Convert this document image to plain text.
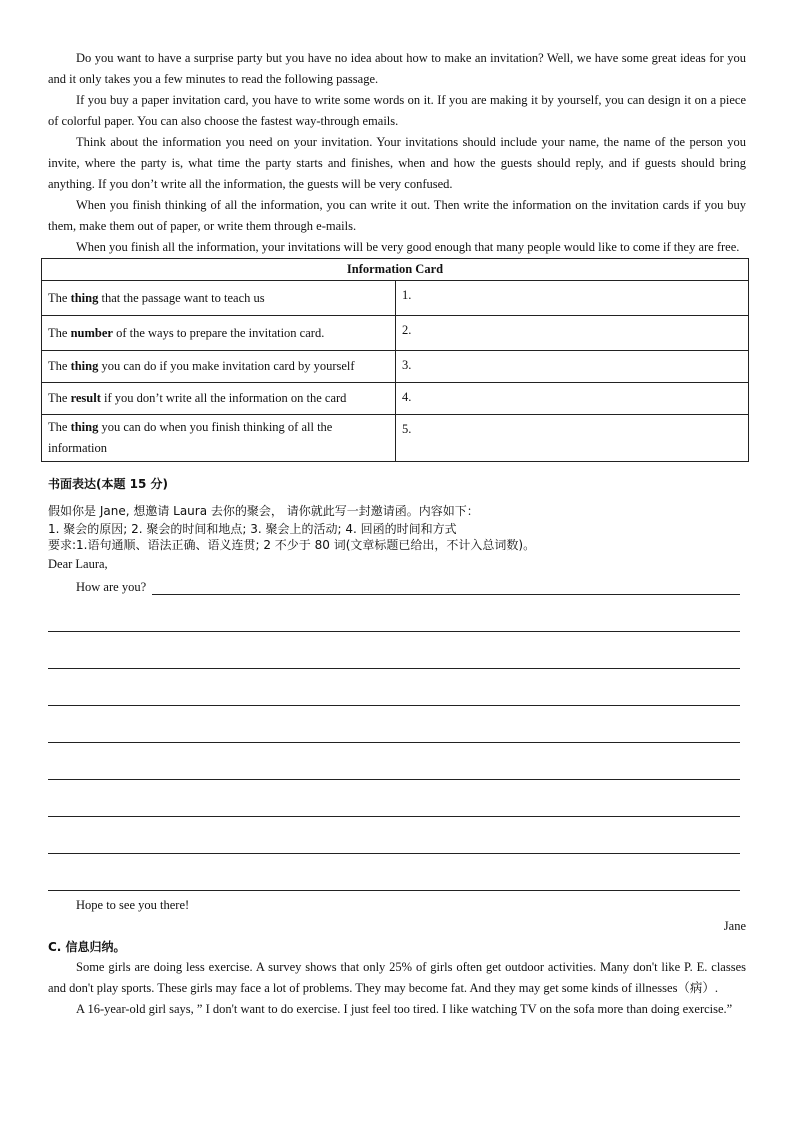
Do you want to have a surprise party but you have no idea about how to make an invitation? Well, we have some great ideas for you and it only takes you a few minutes to read the following passage.

If you buy a paper invitation card, you have to write some words on it. If you are making it by yourself, you can design it on a piece of colorful paper. You can also choose the fastest way-through emails.

Think about the information you need on your invitation. Your invitations should include your name, the name of the person you invite, where the party is, what time the party starts and finishes, when and how the guests should reply, and if guests should bring anything. If you don’t write all the information, the guests will be very confused.

When you finish thinking of all the information, you can write it out. Then write the information on the invitation cards if you buy them, make them out of paper, or write them through e-mails.

When you finish all the information, your invitations will be very good enough that many people would like to come if they are free.

Information Card	
The thing that the passage want to teach us	1.
The number of the ways to prepare the invitation card.	2.
The thing you can do if you make invitation card by yourself	3.
The result if you don’t write all the information on the card	4.
The thing you can do when you finish thinking of all the information	5.

书面表达(本题 15 分)

假如你是 Jane, 想邀请 Laura 去你的聚会， 请你就此写一封邀请函。内容如下：

1. 聚会的原因; 2. 聚会的时间和地点; 3. 聚会上的活动; 4. 回函的时间和方式

要求:1.语句通顺、语法正确、语义连贯; 2 不少于 80 词(文章标题已给出，不计入总词数)。

Dear Laura,

How are you?

Hope to see you there!

Jane

C. 信息归纳。

Some girls are doing less exercise. A survey shows that only 25% of girls often get outdoor activities. Many don't like P. E. classes and don't play sports. These girls may face a lot of problems. They may become fat. And they may get some kinds of illnesses（病）.

A 16-year-old girl says, ” I don't want to do exercise. I just feel too tired. I like watching TV on the sofa more than doing exercise.”
